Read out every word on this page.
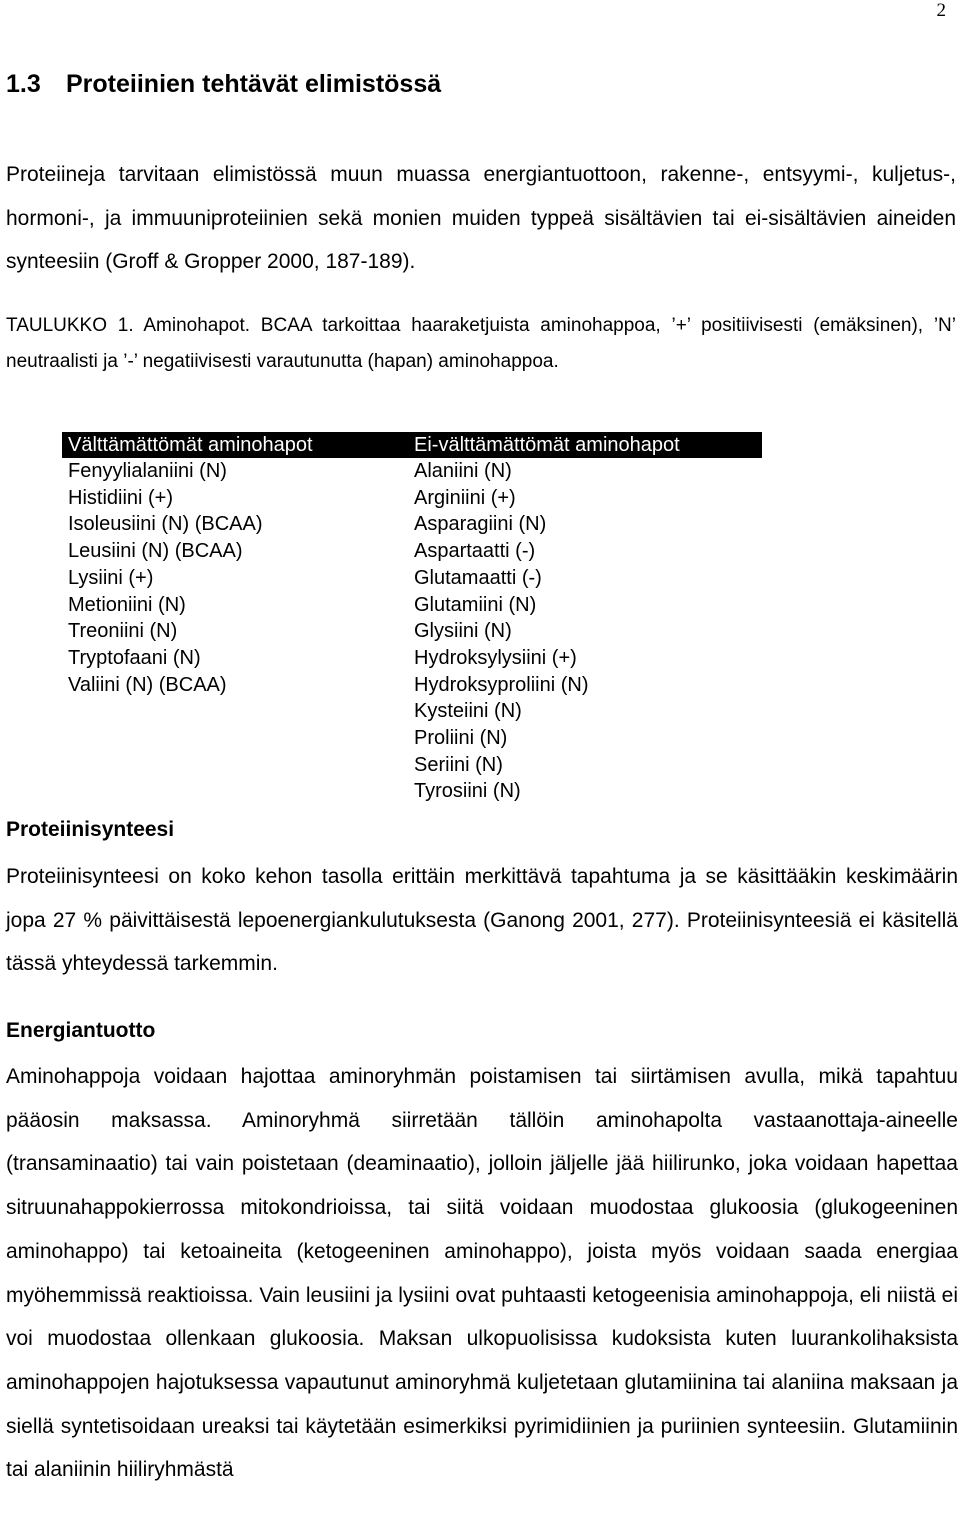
2
1.3 Proteiinien tehtävät elimistössä

Proteiineja tarvitaan elimistössä muun muassa energiantuottoon, rakenne-, entsyymi-, kuljetus-, hormoni-, ja immuuniproteiinien sekä monien muiden typpeä sisältävien tai ei-sisältävien aineiden synteesiin (Groff & Gropper 2000, 187-189).

TAULUKKO 1. Aminohapot. BCAA tarkoittaa haaraketjuista aminohappoa, ’+’ positiivisesti (emäksinen), ’N’ neutraalisti ja ’-’ negatiivisesti varautunutta (hapan) aminohappoa.

Välttämättömät aminohapot	Ei-välttämättömät aminohapot
Fenyylialaniini (N)
Histidiini (+)
Isoleusiini (N) (BCAA)
Leusiini (N) (BCAA)
Lysiini (+)
Metioniini (N)
Treoniini (N)
Tryptofaani (N)
Valiini (N) (BCAA)
Alaniini (N)
Arginiini (+)
Asparagiini (N)
Aspartaatti (-)
Glutamaatti (-)
Glutamiini (N)
Glysiini (N)
Hydroksylysiini (+)
Hydroksyproliini (N)
Kysteiini (N)
Proliini (N)
Seriini (N)
Tyrosiini (N)
Proteiinisynteesi

Proteiinisynteesi on koko kehon tasolla erittäin merkittävä tapahtuma ja se käsittääkin keskimäärin jopa 27 % päivittäisestä lepoenergiankulutuksesta (Ganong 2001, 277). Proteiinisynteesiä ei käsitellä tässä yhteydessä tarkemmin.

Energiantuotto

Aminohappoja voidaan hajottaa aminoryhmän poistamisen tai siirtämisen avulla, mikä tapahtuu pääosin maksassa. Aminoryhmä siirretään tällöin aminohapolta vastaanottaja-aineelle (transaminaatio) tai vain poistetaan (deaminaatio), jolloin jäljelle jää hiilirunko, joka voidaan hapettaa sitruunahappokierrossa mitokondrioissa, tai siitä voidaan muodostaa glukoosia (glukogeeninen aminohappo) tai ketoaineita (ketogeeninen aminohappo), joista myös voidaan saada energiaa myöhemmissä reaktioissa. Vain leusiini ja lysiini ovat puhtaasti ketogeenisia aminohappoja, eli niistä ei voi muodostaa ollenkaan glukoosia. Maksan ulkopuolisissa kudoksista kuten luurankolihaksista aminohappojen hajotuksessa vapautunut aminoryhmä kuljetetaan glutamiinina tai alaniina maksaan ja siellä syntetisoidaan ureaksi tai käytetään esimerkiksi pyrimidiinien ja puriinien synteesiin. Glutamiinin tai alaniinin hiiliryhmästä
